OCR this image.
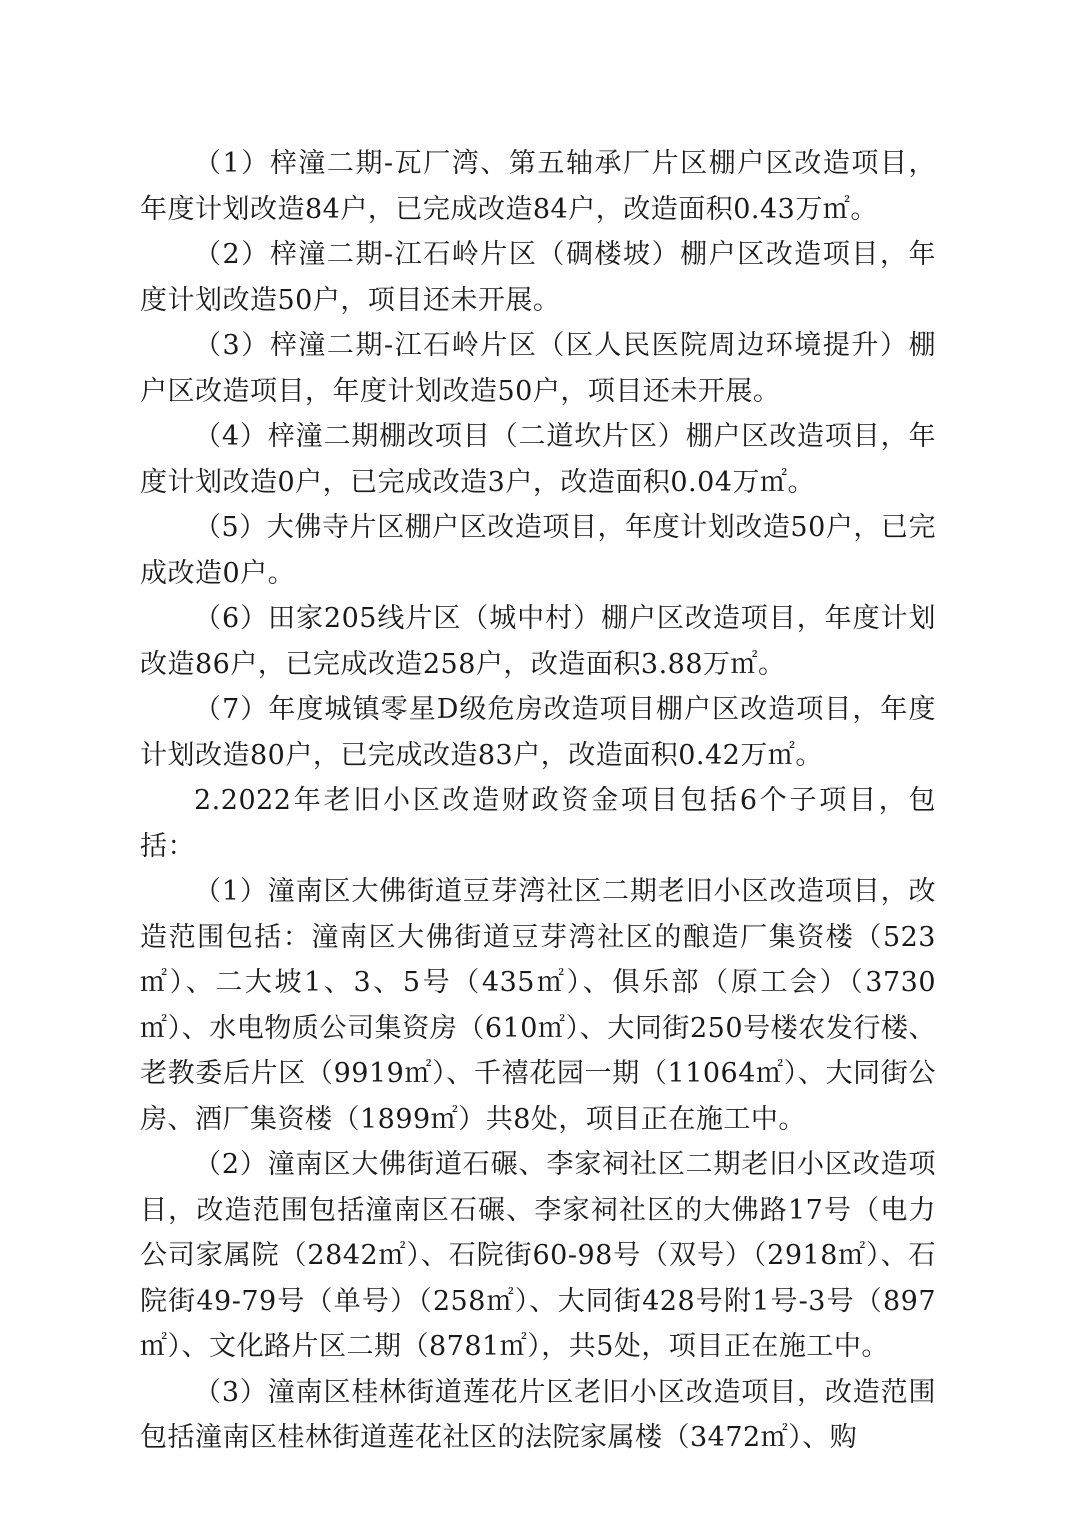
（1）梓潼二期-瓦厂湾、第五轴承厂片区棚户区改造项目，年度计划改造84户，已完成改造84户，改造面积0.43万㎡。

（2）梓潼二期-江石岭片区（碉楼坡）棚户区改造项目，年度计划改造50户，项目还未开展。

（3）梓潼二期-江石岭片区（区人民医院周边环境提升）棚户区改造项目，年度计划改造50户，项目还未开展。

（4）梓潼二期棚改项目（二道坎片区）棚户区改造项目，年度计划改造0户，已完成改造3户，改造面积0.04万㎡。

（5）大佛寺片区棚户区改造项目，年度计划改造50户，已完成改造0户。

（6）田家205线片区（城中村）棚户区改造项目，年度计划改造86户，已完成改造258户，改造面积3.88万㎡。

（7）年度城镇零星D级危房改造项目棚户区改造项目，年度计划改造80户，已完成改造83户，改造面积0.42万㎡。

2.2022年老旧小区改造财政资金项目包括6个子项目，包括：

（1）潼南区大佛街道豆芽湾社区二期老旧小区改造项目，改造范围包括：潼南区大佛街道豆芽湾社区的酿造厂集资楼（523㎡）、二大坡1、3、5号（435㎡）、俱乐部（原工会）（3730㎡）、水电物质公司集资房（610㎡）、大同街250号楼农发行楼、老教委后片区（9919㎡）、千禧花园一期（11064㎡）、大同街公房、酒厂集资楼（1899㎡）共8处，项目正在施工中。

（2）潼南区大佛街道石碾、李家祠社区二期老旧小区改造项目，改造范围包括潼南区石碾、李家祠社区的大佛路17号（电力公司家属院（2842㎡）、石院街60-98号（双号）（2918㎡）、石院街49-79号（单号）（258㎡）、大同街428号附1号-3号（897㎡）、文化路片区二期（8781㎡），共5处，项目正在施工中。

（3）潼南区桂林街道莲花片区老旧小区改造项目，改造范围包括潼南区桂林街道莲花社区的法院家属楼（3472㎡）、购
